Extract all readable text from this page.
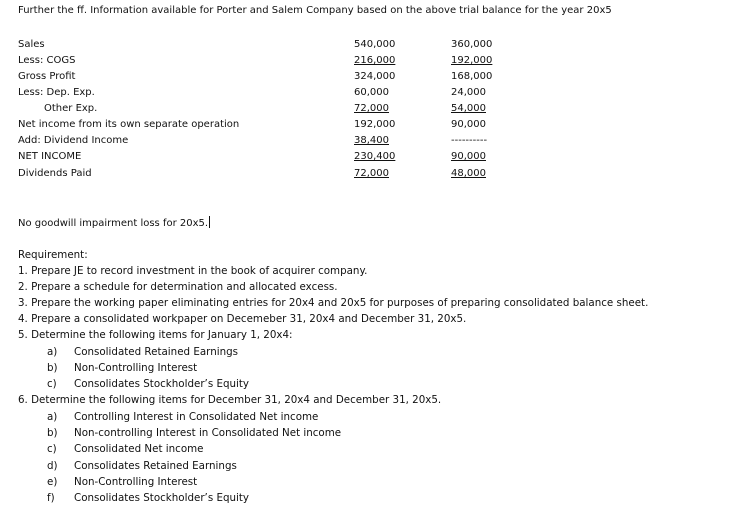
Further the ff. Information available for Porter and Salem Company based on the above trial balance for the year 20x5
Sales	540,000	360,000
Less: COGS	216,000	192,000
Gross Profit	324,000	168,000
Less: Dep. Exp.	60,000	24,000
Other Exp.	72,000	54,000
Net income from its own separate operation	192,000	90,000
Add: Dividend Income	38,400	----------
NET INCOME	230,400	90,000
Dividends Paid	72,000	48,000
No goodwill impairment loss for 20x5.
Requirement:
1. Prepare JE to record investment in the book of acquirer company.
2. Prepare a schedule for determination and allocated excess.
3. Prepare the working paper eliminating entries for 20x4 and 20x5 for purposes of preparing consolidated balance sheet.
4. Prepare a consolidated workpaper on Decemeber 31, 20x4 and December 31, 20x5.
5. Determine the following items for January 1, 20x4:
a) Consolidated Retained Earnings
b) Non-Controlling Interest
c) Consolidates Stockholder’s Equity
6. Determine the following items for December 31, 20x4 and December 31, 20x5.
a) Controlling Interest in Consolidated Net income
b) Non-controlling Interest in Consolidated Net income
c) Consolidated Net income
d) Consolidates Retained Earnings
e) Non-Controlling Interest
f) Consolidates Stockholder’s Equity
